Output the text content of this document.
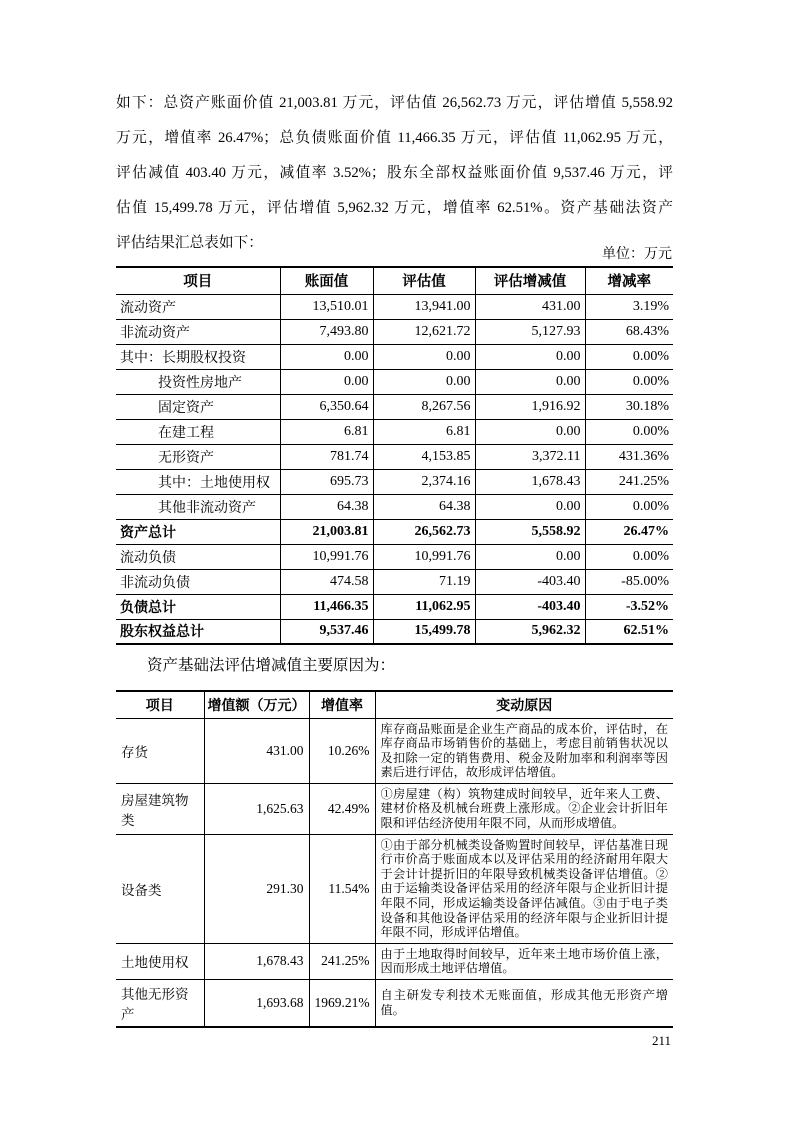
如下：总资产账面价值 21,003.81 万元，评估值 26,562.73 万元，评估增值 5,558.92
万元，增值率 26.47%；总负债账面价值 11,466.35 万元，评估值 11,062.95 万元，
评估减值 403.40 万元，减值率 3.52%；股东全部权益账面价值 9,537.46 万元，评
估值 15,499.78 万元，评估增值 5,962.32 万元，增值率 62.51%。资产基础法资产
评估结果汇总表如下：
单位：万元
项目	账面值	评估值	评估增减值	增减率
流动资产	13,510.01	13,941.00	431.00	3.19%
非流动资产	7,493.80	12,621.72	5,127.93	68.43%
其中：长期股权投资	0.00	0.00	0.00	0.00%
投资性房地产	0.00	0.00	0.00	0.00%
固定资产	6,350.64	8,267.56	1,916.92	30.18%
在建工程	6.81	6.81	0.00	0.00%
无形资产	781.74	4,153.85	3,372.11	431.36%
其中：土地使用权	695.73	2,374.16	1,678.43	241.25%
其他非流动资产	64.38	64.38	0.00	0.00%
资产总计	21,003.81	26,562.73	5,558.92	26.47%
流动负债	10,991.76	10,991.76	0.00	0.00%
非流动负债	474.58	71.19	-403.40	-85.00%
负债总计	11,466.35	11,062.95	-403.40	-3.52%
股东权益总计	9,537.46	15,499.78	5,962.32	62.51%
资产基础法评估增减值主要原因为：
项目	增值额（万元）	增值率	变动原因
存货	431.00	10.26%	库存商品账面是企业生产商品的成本价，评估时，在库存商品市场销售价的基础上，考虑目前销售状况以及扣除一定的销售费用、税金及附加率和利润率等因素后进行评估，故形成评估增值。
房屋建筑物类	1,625.63	42.49%	①房屋建（构）筑物建成时间较早，近年来人工费、建材价格及机械台班费上涨形成。②企业会计折旧年限和评估经济使用年限不同，从而形成增值。
设备类	291.30	11.54%	①由于部分机械类设备购置时间较早，评估基准日现行市价高于账面成本以及评估采用的经济耐用年限大于会计计提折旧的年限导致机械类设备评估增值。②由于运输类设备评估采用的经济年限与企业折旧计提年限不同，形成运输类设备评估减值。③由于电子类设备和其他设备评估采用的经济年限与企业折旧计提年限不同，形成评估增值。
土地使用权	1,678.43	241.25%	由于土地取得时间较早，近年来土地市场价值上涨，因而形成土地评估增值。
其他无形资产	1,693.68	1969.21%	自主研发专利技术无账面值，形成其他无形资产增值。
211
